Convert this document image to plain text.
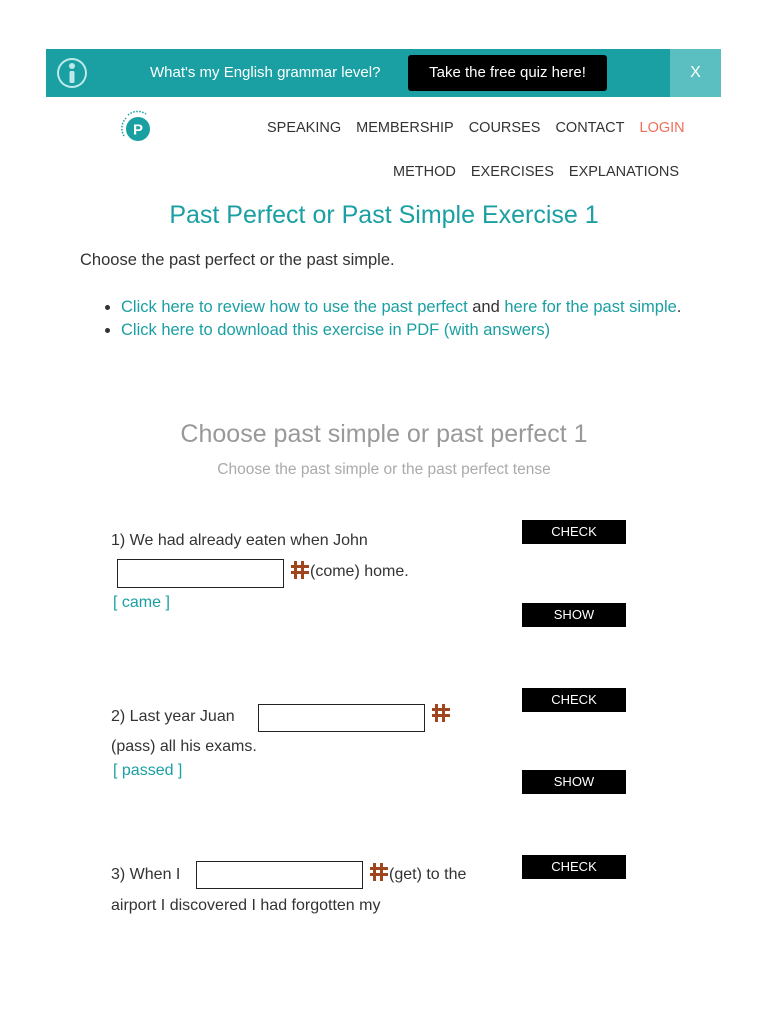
What's my English grammar level?	Take the free quiz here!	X
P	SPEAKING MEMBERSHIP COURSES CONTACT LOGIN
METHOD EXERCISES EXPLANATIONS
Past Perfect or Past Simple Exercise 1
Choose the past perfect or the past simple.
• Click here to review how to use the past perfect and here for the past simple.
• Click here to download this exercise in PDF (with answers)
Choose past simple or past perfect 1
Choose the past simple or the past perfect tense
1) We had already eaten when John
(come) home.
[ came ]
CHECK
SHOW
2) Last year Juan
(pass) all his exams.
[ passed ]
CHECK
SHOW
3) When I	(get) to the
airport I discovered I had forgotten my
CHECK
